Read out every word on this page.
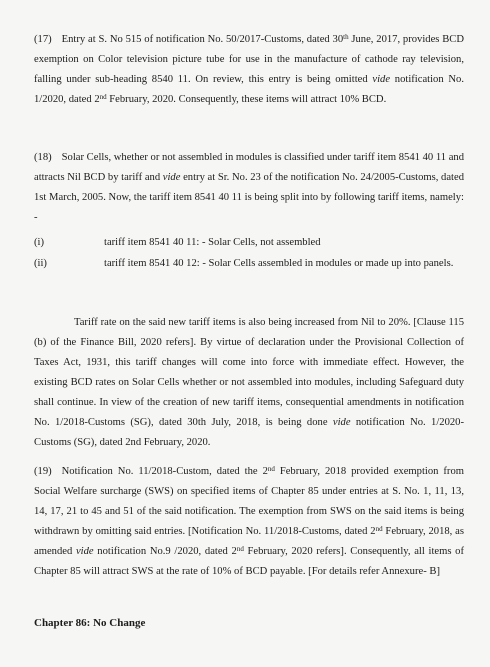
(17) Entry at S. No 515 of notification No. 50/2017-Customs, dated 30th June, 2017, provides BCD exemption on Color television picture tube for use in the manufacture of cathode ray television, falling under sub-heading 8540 11. On review, this entry is being omitted vide notification No. 1/2020, dated 2nd February, 2020. Consequently, these items will attract 10% BCD.

(18) Solar Cells, whether or not assembled in modules is classified under tariff item 8541 40 11 and attracts Nil BCD by tariff and vide entry at Sr. No. 23 of the notification No. 24/2005-Customs, dated 1st March, 2005. Now, the tariff item 8541 40 11 is being split into by following tariff items, namely: -

(i)	tariff item 8541 40 11: - Solar Cells, not assembled
(ii)	tariff item 8541 40 12: - Solar Cells assembled in modules or made up into panels.

Tariff rate on the said new tariff items is also being increased from Nil to 20%. [Clause 115 (b) of the Finance Bill, 2020 refers]. By virtue of declaration under the Provisional Collection of Taxes Act, 1931, this tariff changes will come into force with immediate effect. However, the existing BCD rates on Solar Cells whether or not assembled into modules, including Safeguard duty shall continue. In view of the creation of new tariff items, consequential amendments in notification No. 1/2018-Customs (SG), dated 30th July, 2018, is being done vide notification No. 1/2020-Customs (SG), dated 2nd February, 2020.

(19) Notification No. 11/2018-Custom, dated the 2nd February, 2018 provided exemption from Social Welfare surcharge (SWS) on specified items of Chapter 85 under entries at S. No. 1, 11, 13, 14, 17, 21 to 45 and 51 of the said notification. The exemption from SWS on the said items is being withdrawn by omitting said entries. [Notification No. 11/2018-Customs, dated 2nd February, 2018, as amended vide notification No.9 /2020, dated 2nd February, 2020 refers]. Consequently, all items of Chapter 85 will attract SWS at the rate of 10% of BCD payable. [For details refer Annexure- B]

Chapter 86: No Change
